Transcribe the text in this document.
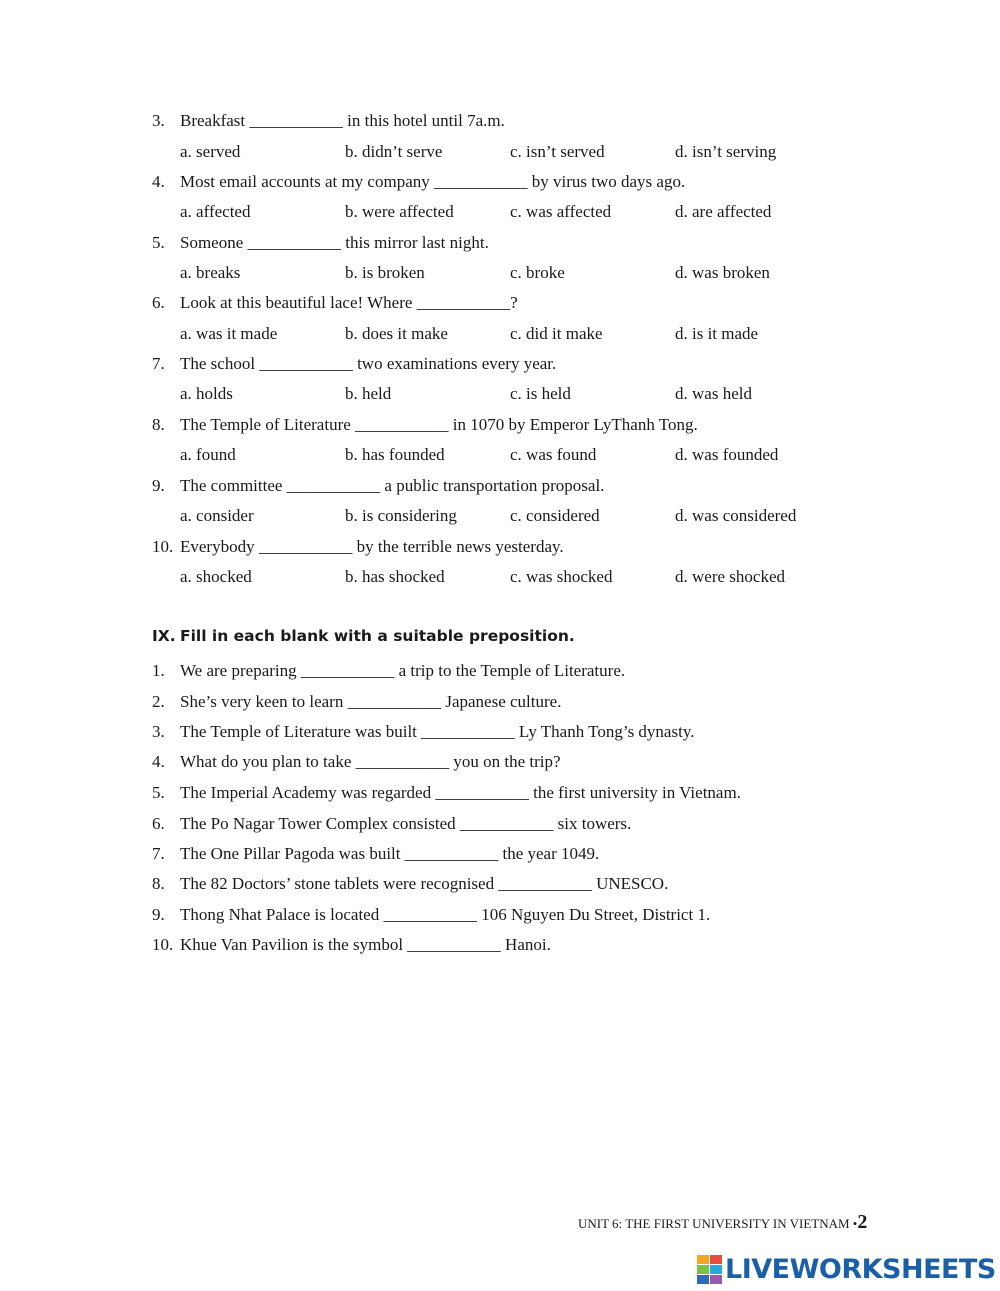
3. Breakfast ___________ in this hotel until 7a.m.
a. served	b. didn’t serve	c. isn’t served	d. isn’t serving
4. Most email accounts at my company ___________ by virus two days ago.
a. affected	b. were affected	c. was affected	d. are affected
5. Someone ___________ this mirror last night.
a. breaks	b. is broken	c. broke	d. was broken
6. Look at this beautiful lace! Where ___________?
a. was it made	b. does it make	c. did it make	d. is it made
7. The school ___________ two examinations every year.
a. holds	b. held	c. is held	d. was held
8. The Temple of Literature ___________ in 1070 by Emperor LyThanh Tong.
a. found	b. has founded	c. was found	d. was founded
9. The committee ___________ a public transportation proposal.
a. consider	b. is considering	c. considered	d. was considered
10. Everybody ___________ by the terrible news yesterday.
a. shocked	b. has shocked	c. was shocked	d. were shocked
IX. Fill in each blank with a suitable preposition.
1. We are preparing ___________ a trip to the Temple of Literature.
2. She’s very keen to learn ___________ Japanese culture.
3. The Temple of Literature was built ___________ Ly Thanh Tong’s dynasty.
4. What do you plan to take ___________ you on the trip?
5. The Imperial Academy was regarded ___________ the first university in Vietnam.
6. The Po Nagar Tower Complex consisted ___________ six towers.
7. The One Pillar Pagoda was built ___________ the year 1049.
8. The 82 Doctors’ stone tablets were recognised ___________ UNESCO.
9. Thong Nhat Palace is located ___________ 106 Nguyen Du Street, District 1.
10. Khue Van Pavilion is the symbol ___________ Hanoi.
UNIT 6: THE FIRST UNIVERSITY IN VIETNAM •2
LIVEWORKSHEETS
